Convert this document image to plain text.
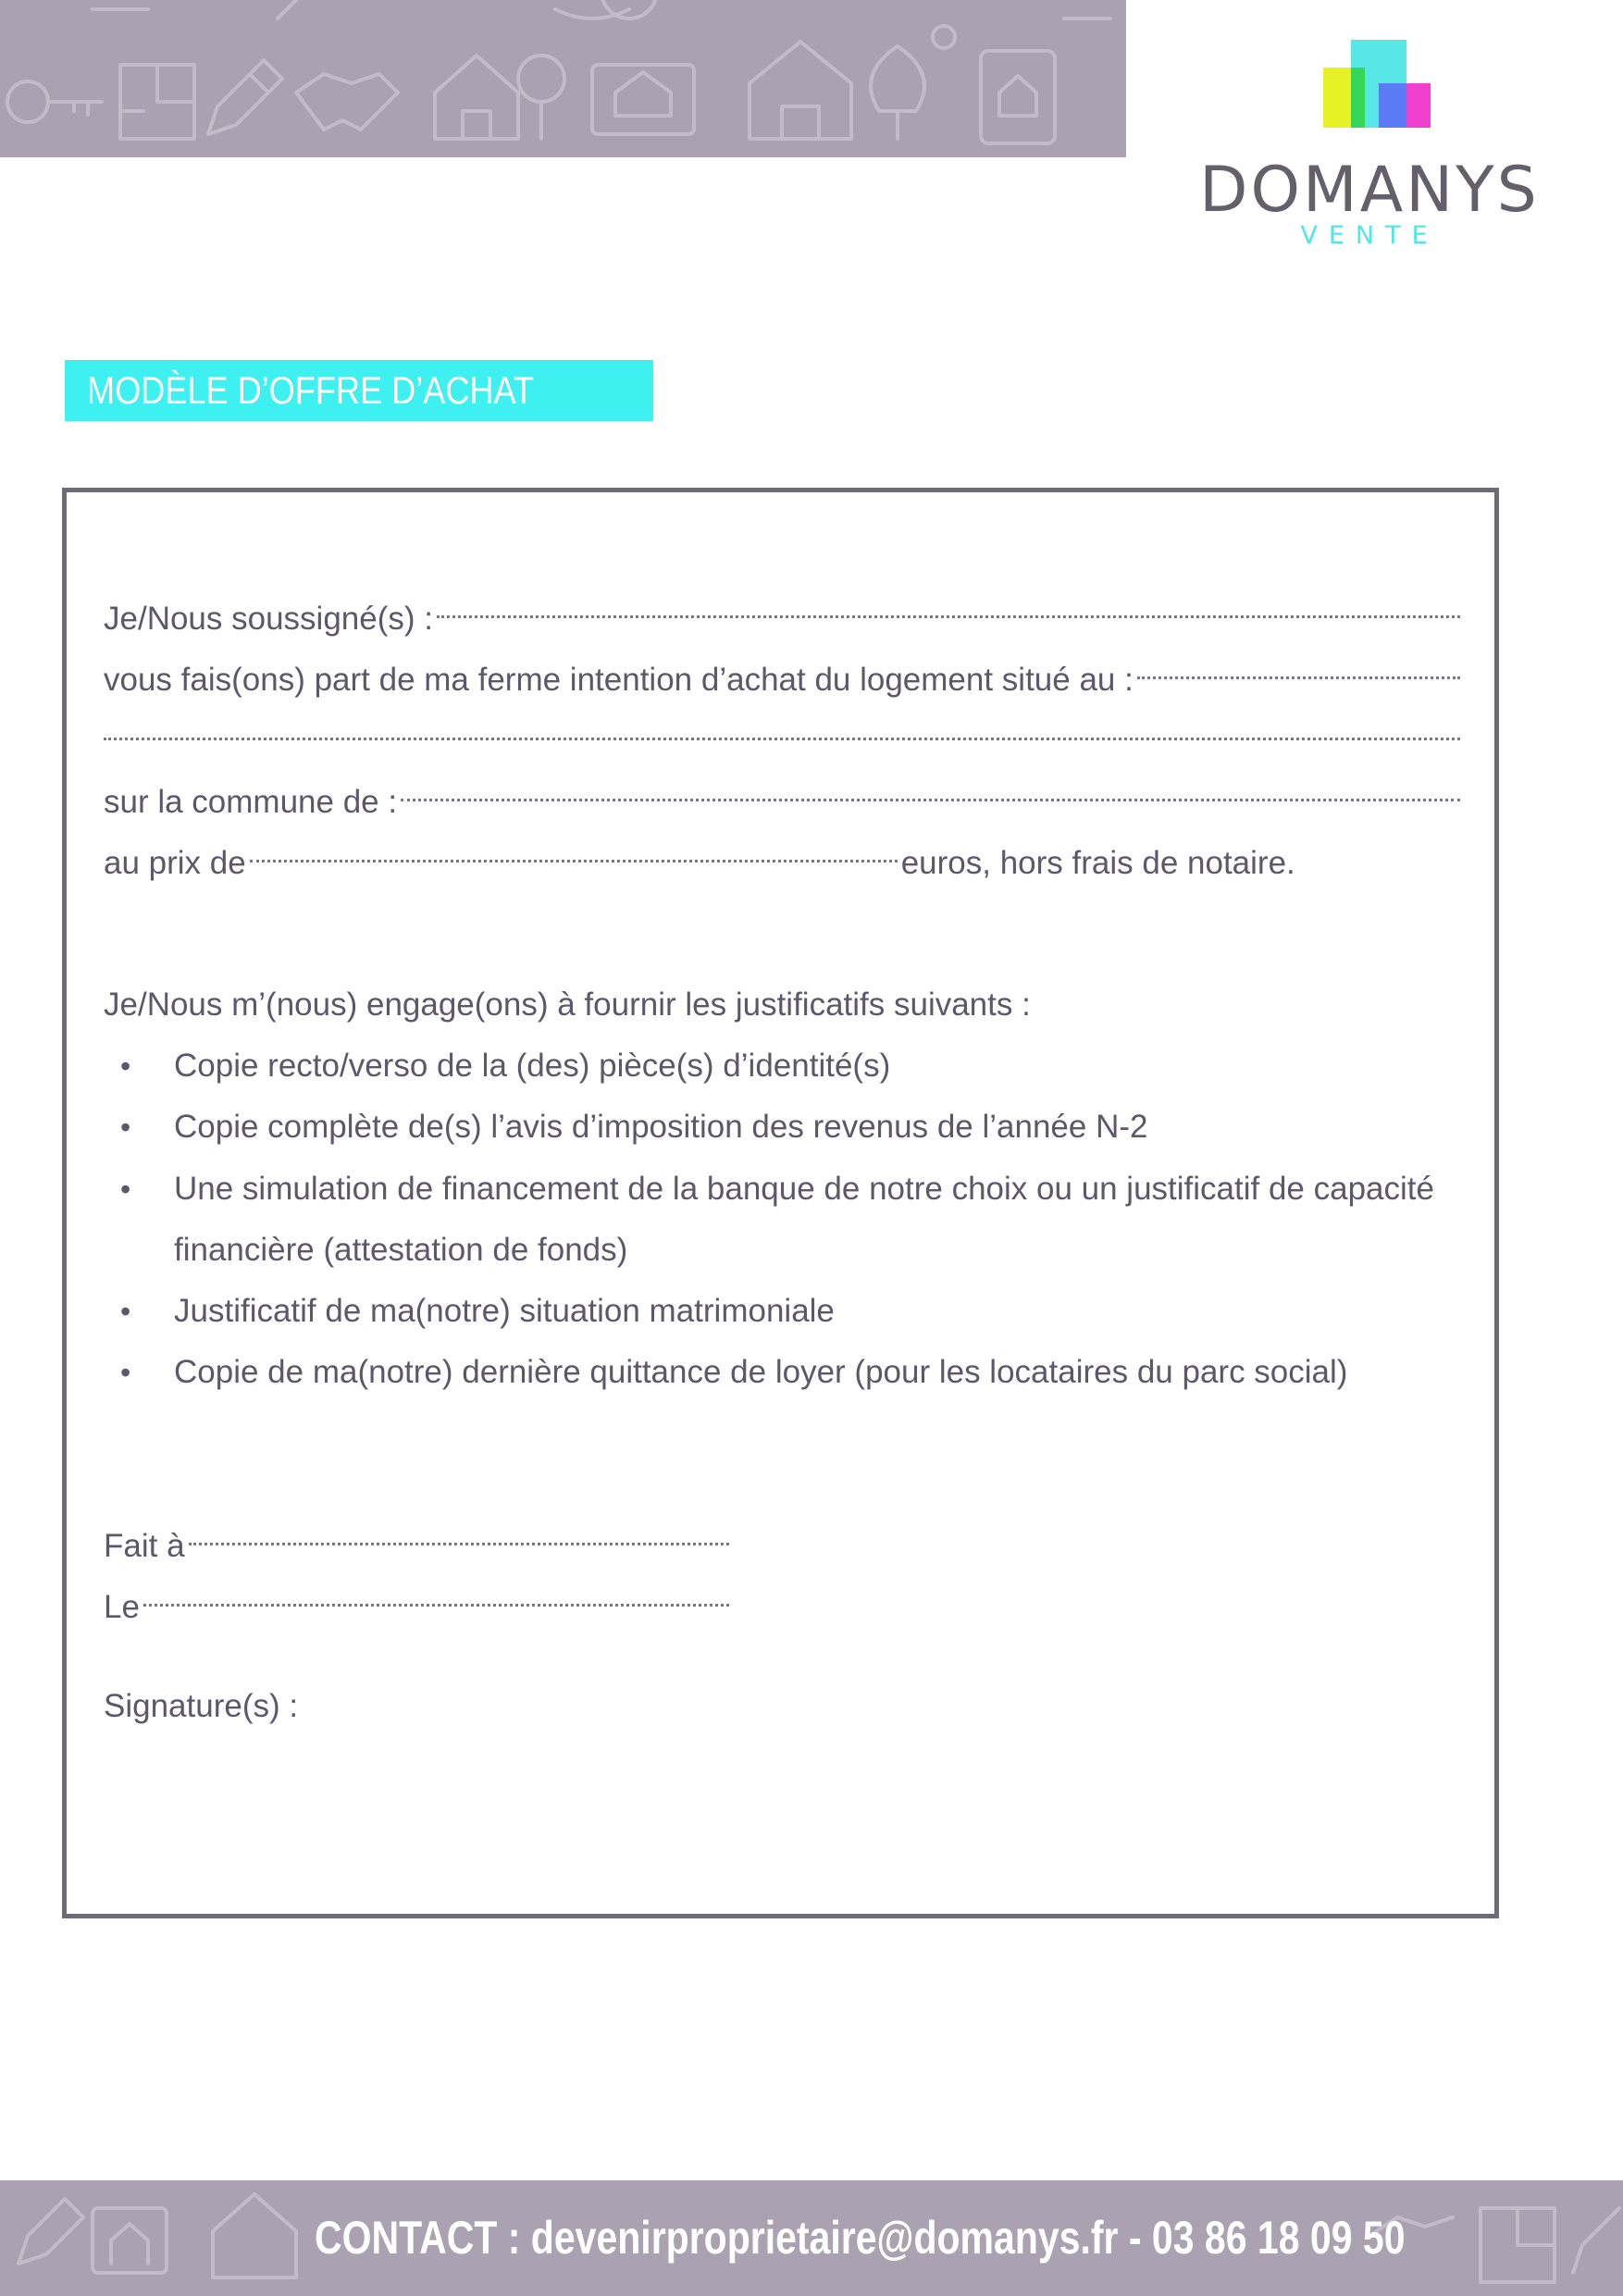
DOMANYS
VENTE
MODÈLE D’OFFRE D’ACHAT
Je/Nous soussigné(s) :
vous fais(ons) part de ma ferme intention d’achat du logement situé au :
sur la commune de :
au prix de	euros, hors frais de notaire.
Je/Nous m’(nous) engage(ons) à fournir les justificatifs suivants :
• Copie recto/verso de la (des) pièce(s) d’identité(s)
• Copie complète de(s) l’avis d’imposition des revenus de l’année N-2
• Une simulation de financement de la banque de notre choix ou un justificatif de capacité financière (attestation de fonds)
• Justificatif de ma(notre) situation matrimoniale
• Copie de ma(notre) dernière quittance de loyer (pour les locataires du parc social)
Fait à
Le
Signature(s) :
CONTACT : devenirproprietaire@domanys.fr - 03 86 18 09 50
